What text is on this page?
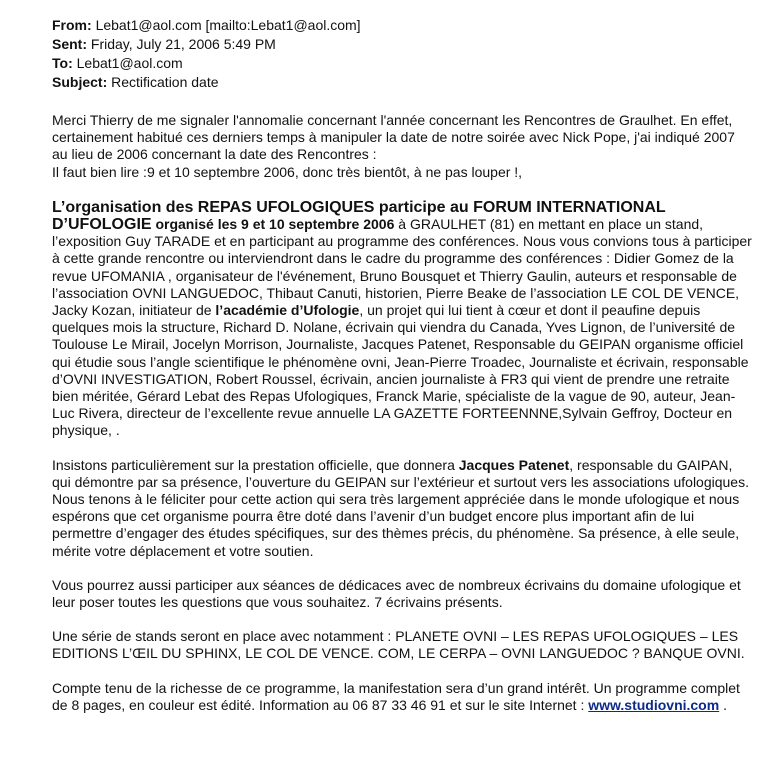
From: Lebat1@aol.com [mailto:Lebat1@aol.com]
Sent: Friday, July 21, 2006 5:49 PM
To: Lebat1@aol.com
Subject: Rectification date

Merci Thierry de me signaler l'annomalie concernant l'année concernant les Rencontres de Graulhet. En effet, certainement habitué ces derniers temps à manipuler la date de notre soirée avec Nick Pope, j'ai indiqué 2007 au lieu de 2006 concernant la date des Rencontres :
Il faut bien lire :9 et 10 septembre 2006, donc très bientôt, à ne pas louper !,

L’organisation des REPAS UFOLOGIQUES participe au FORUM INTERNATIONAL D’UFOLOGIE organisé les 9 et 10 septembre 2006 à GRAULHET (81) en mettant en place un stand, l’exposition Guy TARADE et en participant au programme des conférences. Nous vous convions tous à participer à cette grande rencontre ou interviendront dans le cadre du programme des conférences : Didier Gomez de la revue UFOMANIA , organisateur de l'événement, Bruno Bousquet et Thierry Gaulin, auteurs et responsable de l’association OVNI LANGUEDOC, Thibaut Canuti, historien, Pierre Beake de l’association LE COL DE VENCE, Jacky Kozan, initiateur de l’académie d’Ufologie, un projet qui lui tient à cœur et dont il peaufine depuis quelques mois la structure, Richard D. Nolane, écrivain qui viendra du Canada, Yves Lignon, de l’université de Toulouse Le Mirail, Jocelyn Morrison, Journaliste, Jacques Patenet, Responsable du GEIPAN organisme officiel qui étudie sous l’angle scientifique le phénomène ovni, Jean-Pierre Troadec, Journaliste et écrivain, responsable d’OVNI INVESTIGATION, Robert Roussel, écrivain, ancien journaliste à FR3 qui vient de prendre une retraite bien méritée, Gérard Lebat des Repas Ufologiques, Franck Marie, spécialiste de la vague de 90, auteur, Jean-Luc Rivera, directeur de l’excellente revue annuelle LA GAZETTE FORTEENNNE,Sylvain Geffroy, Docteur en physique, .

Insistons particulièrement sur la prestation officielle, que donnera Jacques Patenet, responsable du GAIPAN, qui démontre par sa présence, l’ouverture du GEIPAN sur l’extérieur et surtout vers les associations ufologiques. Nous tenons à le féliciter pour cette action qui sera très largement appréciée dans le monde ufologique et nous espérons que cet organisme pourra être doté dans l’avenir d’un budget encore plus important afin de lui permettre d’engager des études spécifiques, sur des thèmes précis, du phénomène. Sa présence, à elle seule, mérite votre déplacement et votre soutien.

Vous pourrez aussi participer aux séances de dédicaces avec de nombreux écrivains du domaine ufologique et leur poser toutes les questions que vous souhaitez. 7 écrivains présents.

Une série de stands seront en place avec notamment : PLANETE OVNI – LES REPAS UFOLOGIQUES – LES EDITIONS L’ŒIL DU SPHINX, LE COL DE VENCE. COM, LE CERPA – OVNI LANGUEDOC ? BANQUE OVNI.

Compte tenu de la richesse de ce programme, la manifestation sera d’un grand intérêt. Un programme complet de 8 pages, en couleur est édité. Information au 06 87 33 46 91 et sur le site Internet : www.studiovni.com .
